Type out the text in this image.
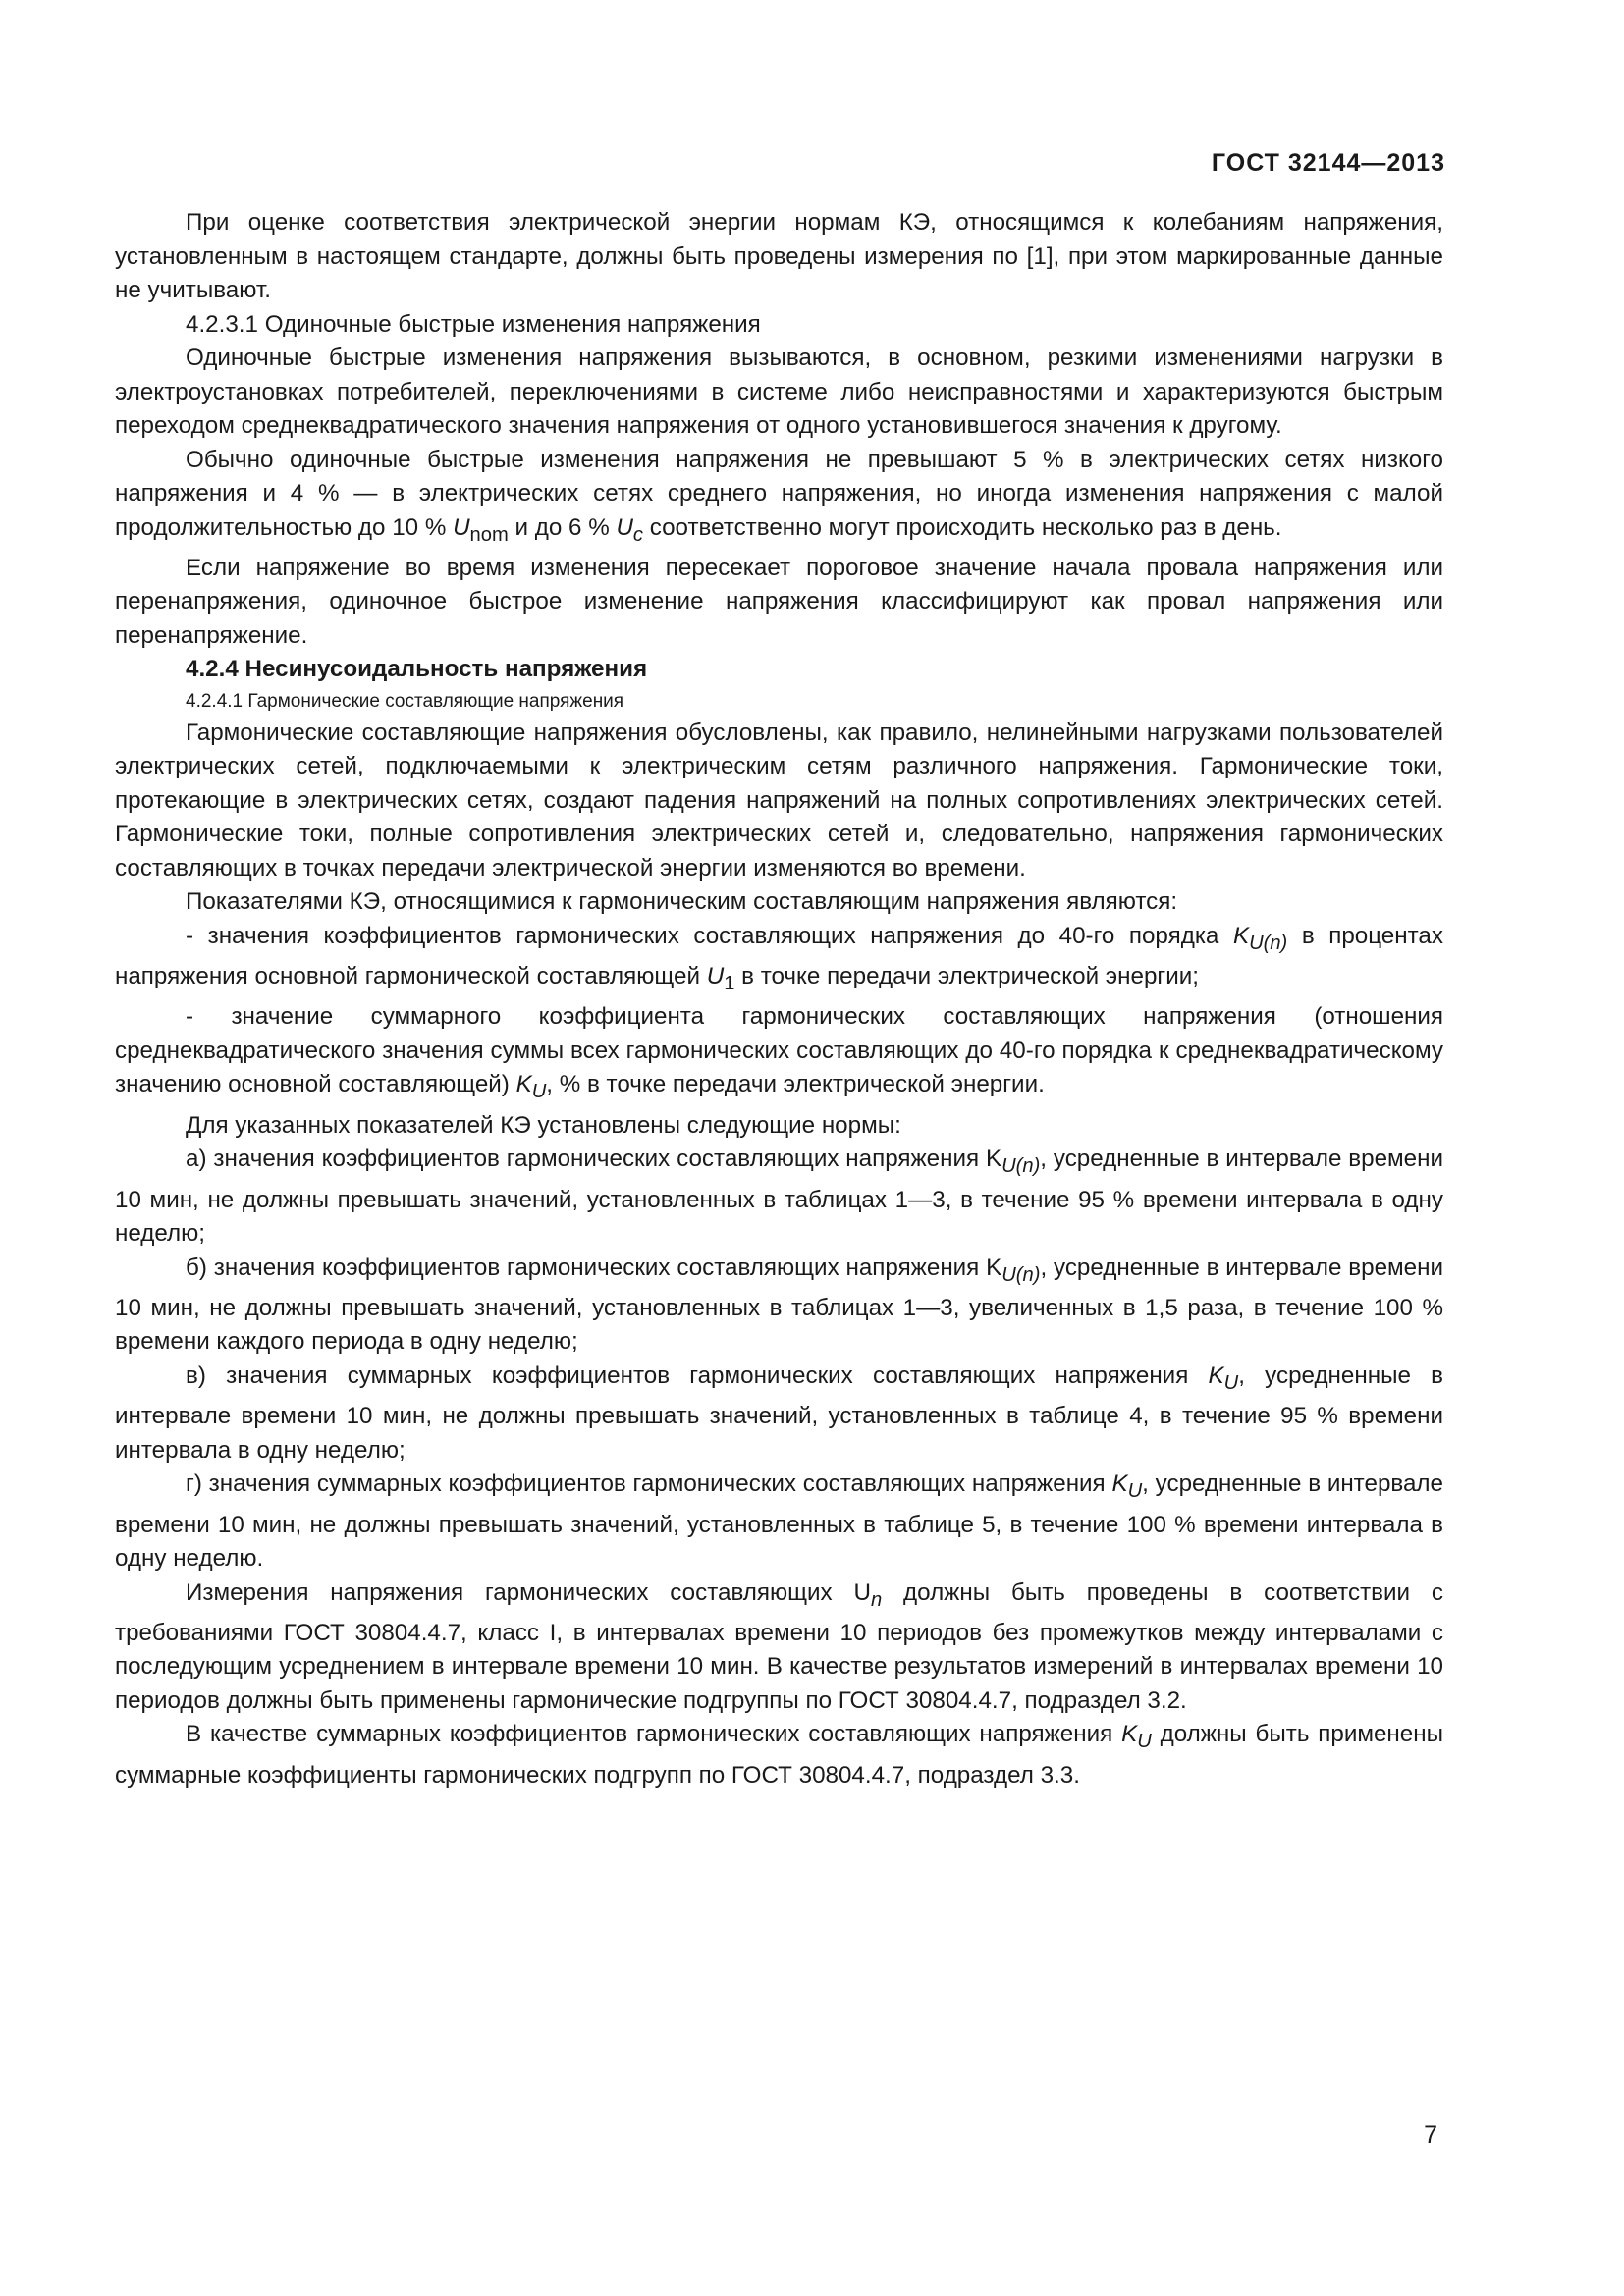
ГОСТ 32144—2013

При оценке соответствия электрической энергии нормам КЭ, относящимся к колебаниям напряжения, установленным в настоящем стандарте, должны быть проведены измерения по [1], при этом маркированные данные не учитывают.

4.2.3.1 Одиночные быстрые изменения напряжения

Одиночные быстрые изменения напряжения вызываются, в основном, резкими изменениями нагрузки в электроустановках потребителей, переключениями в системе либо неисправностями и характеризуются быстрым переходом среднеквадратического значения напряжения от одного установившегося значения к другому.

Обычно одиночные быстрые изменения напряжения не превышают 5 % в электрических сетях низкого напряжения и 4 % — в электрических сетях среднего напряжения, но иногда изменения напряжения с малой продолжительностью до 10 % $U_{nom}$ и до 6 % $U_c$ соответственно могут происходить несколько раз в день.

Если напряжение во время изменения пересекает пороговое значение начала провала напряжения или перенапряжения, одиночное быстрое изменение напряжения классифицируют как провал напряжения или перенапряжение.

4.2.4 Несинусоидальность напряжения

4.2.4.1 Гармонические составляющие напряжения

Гармонические составляющие напряжения обусловлены, как правило, нелинейными нагрузками пользователей электрических сетей, подключаемыми к электрическим сетям различного напряжения. Гармонические токи, протекающие в электрических сетях, создают падения напряжений на полных сопротивлениях электрических сетей. Гармонические токи, полные сопротивления электрических сетей и, следовательно, напряжения гармонических составляющих в точках передачи электрической энергии изменяются во времени.

Показателями КЭ, относящимися к гармоническим составляющим напряжения являются:

- значения коэффициентов гармонических составляющих напряжения до 40-го порядка $K_{U(n)}$ в процентах напряжения основной гармонической составляющей $U_1$ в точке передачи электрической энергии;

- значение суммарного коэффициента гармонических составляющих напряжения (отношения среднеквадратического значения суммы всех гармонических составляющих до 40-го порядка к среднеквадратическому значению основной составляющей) $K_U$, % в точке передачи электрической энергии.

Для указанных показателей КЭ установлены следующие нормы:

а) значения коэффициентов гармонических составляющих напряжения $K_{U(n)}$, усредненные в интервале времени 10 мин, не должны превышать значений, установленных в таблицах 1—3, в течение 95 % времени интервала в одну неделю;

б) значения коэффициентов гармонических составляющих напряжения $K_{U(n)}$, усредненные в интервале времени 10 мин, не должны превышать значений, установленных в таблицах 1—3, увеличенных в 1,5 раза, в течение 100 % времени каждого периода в одну неделю;

в) значения суммарных коэффициентов гармонических составляющих напряжения $K_U$, усредненные в интервале времени 10 мин, не должны превышать значений, установленных в таблице 4, в течение 95 % времени интервала в одну неделю;

г) значения суммарных коэффициентов гармонических составляющих напряжения $K_U$, усредненные в интервале времени 10 мин, не должны превышать значений, установленных в таблице 5, в течение 100 % времени интервала в одну неделю.

Измерения напряжения гармонических составляющих $U_n$ должны быть проведены в соответствии с требованиями ГОСТ 30804.4.7, класс I, в интервалах времени 10 периодов без промежутков между интервалами с последующим усреднением в интервале времени 10 мин. В качестве результатов измерений в интервалах времени 10 периодов должны быть применены гармонические подгруппы по ГОСТ 30804.4.7, подраздел 3.2.

В качестве суммарных коэффициентов гармонических составляющих напряжения $K_U$ должны быть применены суммарные коэффициенты гармонических подгрупп по ГОСТ 30804.4.7, подраздел 3.3.

7
